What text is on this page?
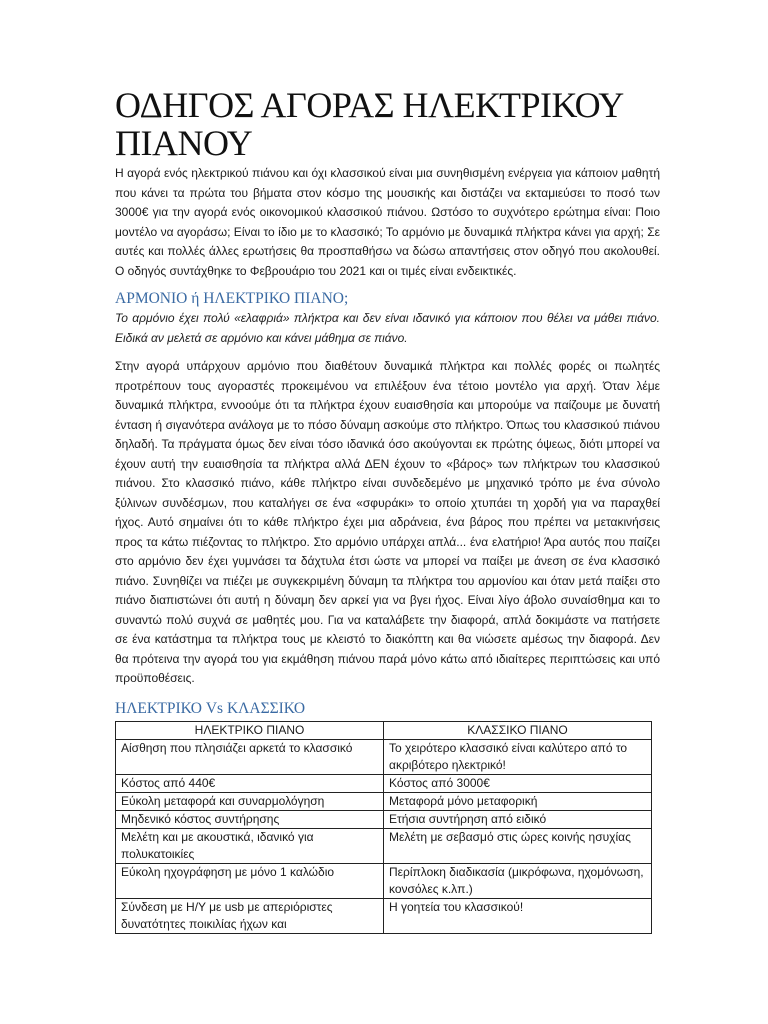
ΟΔΗΓΟΣ ΑΓΟΡΑΣ ΗΛΕΚΤΡΙΚΟΥ ΠΙΑΝΟΥ

Η αγορά ενός ηλεκτρικού πιάνου και όχι κλασσικού είναι μια συνηθισμένη ενέργεια για κάποιον μαθητή που κάνει τα πρώτα του βήματα στον κόσμο της μουσικής και διστάζει να εκταμιεύσει το ποσό των 3000€ για την αγορά ενός οικονομικού κλασσικού πιάνου. Ωστόσο το συχνότερο ερώτημα είναι: Ποιο μοντέλο να αγοράσω; Είναι το ίδιο με το κλασσικό; Το αρμόνιο με δυναμικά πλήκτρα κάνει για αρχή; Σε αυτές και πολλές άλλες ερωτήσεις θα προσπαθήσω να δώσω απαντήσεις στον οδηγό που ακολουθεί. Ο οδηγός συντάχθηκε το Φεβρουάριο του 2021 και οι τιμές είναι ενδεικτικές.

ΑΡΜΟΝΙΟ ή ΗΛΕΚΤΡΙΚΟ ΠΙΑΝΟ;

Το αρμόνιο έχει πολύ «ελαφριά» πλήκτρα και δεν είναι ιδανικό για κάποιον που θέλει να μάθει πιάνο. Ειδικά αν μελετά σε αρμόνιο και κάνει μάθημα σε πιάνο.

Στην αγορά υπάρχουν αρμόνιο που διαθέτουν δυναμικά πλήκτρα και πολλές φορές οι πωλητές προτρέπουν τους αγοραστές προκειμένου να επιλέξουν ένα τέτοιο μοντέλο για αρχή. Όταν λέμε δυναμικά πλήκτρα, εννοούμε ότι τα πλήκτρα έχουν ευαισθησία και μπορούμε να παίζουμε με δυνατή ένταση ή σιγανότερα ανάλογα με το πόσο δύναμη ασκούμε στο πλήκτρο. Όπως του κλασσικού πιάνου δηλαδή. Τα πράγματα όμως δεν είναι τόσο ιδανικά όσο ακούγονται εκ πρώτης όψεως, διότι μπορεί να έχουν αυτή την ευαισθησία τα πλήκτρα αλλά ΔΕΝ έχουν το «βάρος» των πλήκτρων του κλασσικού πιάνου. Στο κλασσικό πιάνο, κάθε πλήκτρο είναι συνδεδεμένο με μηχανικό τρόπο με ένα σύνολο ξύλινων συνδέσμων, που καταλήγει σε ένα «σφυράκι» το οποίο χτυπάει τη χορδή για να παραχθεί ήχος. Αυτό σημαίνει ότι το κάθε πλήκτρο έχει μια αδράνεια, ένα βάρος που πρέπει να μετακινήσεις προς τα κάτω πιέζοντας το πλήκτρο. Στο αρμόνιο υπάρχει απλά... ένα ελατήριο! Άρα αυτός που παίζει στο αρμόνιο δεν έχει γυμνάσει τα δάχτυλα έτσι ώστε να μπορεί να παίξει με άνεση σε ένα κλασσικό πιάνο. Συνηθίζει να πιέζει με συγκεκριμένη δύναμη τα πλήκτρα του αρμονίου και όταν μετά παίξει στο πιάνο διαπιστώνει ότι αυτή η δύναμη δεν αρκεί για να βγει ήχος. Είναι λίγο άβολο συναίσθημα και το συναντώ πολύ συχνά σε μαθητές μου. Για να καταλάβετε την διαφορά, απλά δοκιμάστε να πατήσετε σε ένα κατάστημα τα πλήκτρα τους με κλειστό το διακόπτη και θα νιώσετε αμέσως την διαφορά. Δεν θα πρότεινα την αγορά του για εκμάθηση πιάνου παρά μόνο κάτω από ιδιαίτερες περιπτώσεις και υπό προϋποθέσεις.

ΗΛΕΚΤΡΙΚΟ Vs ΚΛΑΣΣΙΚΟ
ΗΛΕΚΤΡΙΚΟ ΠΙΑΝΟ	ΚΛΑΣΣΙΚΟ ΠΙΑΝΟ
Αίσθηση που πλησιάζει αρκετά το κλασσικό	Το χειρότερο κλασσικό είναι καλύτερο από το ακριβότερο ηλεκτρικό!
Κόστος από 440€	Κόστος από 3000€
Εύκολη μεταφορά και συναρμολόγηση	Μεταφορά μόνο μεταφορική
Μηδενικό κόστος συντήρησης	Ετήσια συντήρηση από ειδικό
Μελέτη και με ακουστικά, ιδανικό για πολυκατοικίες	Μελέτη με σεβασμό στις ώρες κοινής ησυχίας
Εύκολη ηχογράφηση με μόνο 1 καλώδιο	Περίπλοκη διαδικασία (μικρόφωνα, ηχομόνωση, κονσόλες κ.λπ.)
Σύνδεση με Η/Υ με usb με απεριόριστες δυνατότητες ποικιλίας ήχων και	Η γοητεία του κλασσικού!
